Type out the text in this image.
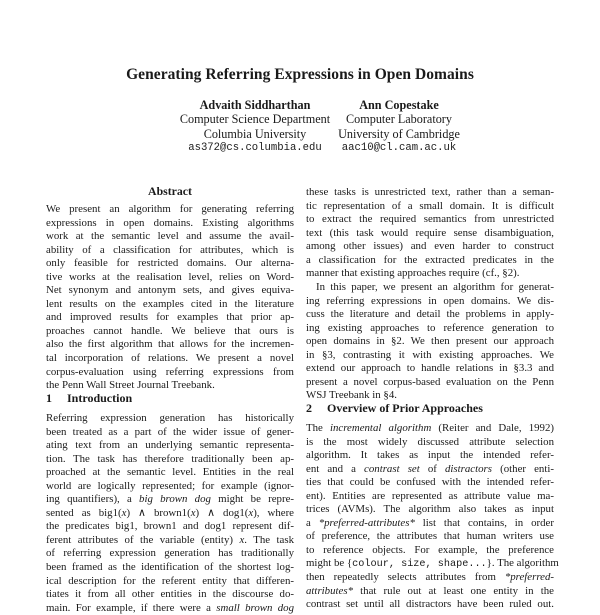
Generating Referring Expressions in Open Domains
Advaith Siddharthan
Computer Science Department
Columbia University
as372@cs.columbia.edu
Ann Copestake
Computer Laboratory
University of Cambridge
aac10@cl.cam.ac.uk
Abstract
We present an algorithm for generating referring
expressions in open domains. Existing algorithms
work at the semantic level and assume the avail-
ability of a classification for attributes, which is
only feasible for restricted domains. Our alterna-
tive works at the realisation level, relies on Word-
Net synonym and antonym sets, and gives equiva-
lent results on the examples cited in the literature
and improved results for examples that prior ap-
proaches cannot handle. We believe that ours is
also the first algorithm that allows for the incremen-
tal incorporation of relations. We present a novel
corpus-evaluation using referring expressions from
the Penn Wall Street Journal Treebank.
1 Introduction
Referring expression generation has historically
been treated as a part of the wider issue of gener-
ating text from an underlying semantic representa-
tion. The task has therefore traditionally been ap-
proached at the semantic level. Entities in the real
world are logically represented; for example (ignor-
ing quantifiers), a big brown dog might be repre-
sented as big1(x) ∧ brown1(x) ∧ dog1(x), where
the predicates big1, brown1 and dog1 represent dif-
ferent attributes of the variable (entity) x. The task
of referring expression generation has traditionally
been framed as the identification of the shortest log-
ical description for the referent entity that differen-
tiates it from all other entities in the discourse do-
main. For example, if there were a small brown dog
these tasks is unrestricted text, rather than a seman-
tic representation of a small domain. It is difficult
to extract the required semantics from unrestricted
text (this task would require sense disambiguation,
among other issues) and even harder to construct
a classification for the extracted predicates in the
manner that existing approaches require (cf., §2).
In this paper, we present an algorithm for generat-
ing referring expressions in open domains. We dis-
cuss the literature and detail the problems in apply-
ing existing approaches to reference generation to
open domains in §2. We then present our approach
in §3, contrasting it with existing approaches. We
extend our approach to handle relations in §3.3 and
present a novel corpus-based evaluation on the Penn
WSJ Treebank in §4.
2 Overview of Prior Approaches
The incremental algorithm (Reiter and Dale, 1992)
is the most widely discussed attribute selection
algorithm. It takes as input the intended refer-
ent and a contrast set of distractors (other enti-
ties that could be confused with the intended refer-
ent). Entities are represented as attribute value ma-
trices (AVMs). The algorithm also takes as input
a *preferred-attributes* list that contains, in order
of preference, the attributes that human writers use
to reference objects. For example, the preference
might be {colour, size, shape...}. The algorithm
then repeatedly selects attributes from *preferred-
attributes* that rule out at least one entity in the
contrast set until all distractors have been ruled out.
